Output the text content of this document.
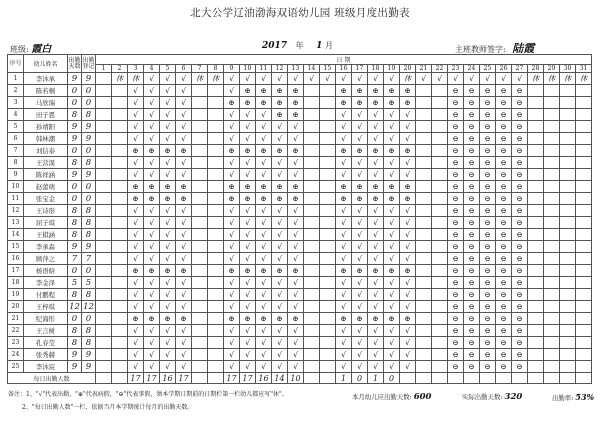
北大公学辽油渤海双语幼儿园 班级月度出勤表
班级: 霞白	2017 年 1 月	主班教师签字: 陆霞
序号	幼儿姓名	出勤天数	出勤登记	日 期																														
				1	2	3	4	5	6	7	8	9	10	11	12	13	14	15	16	17	18	19	20	21	22	23	24	25	26	27	28	29	30	31
1	李沐承	9	9		休	休	√	√	√	休	休	√	√	√	√	√	√	√	√	√	√	√	休	√	√	√	√	√	√	√	休	休	休	休
2	陈若桐	0	0			√	√	√	√			√	⊕	⊕	⊕	⊕			⊕	⊕	⊕	⊕	⊕			⊖	⊖	⊖	⊖	⊖				
3	马欣瑞	0	0			√	√	√	√			⊕	⊕	⊕	⊕	⊕			⊕	⊕	⊕	⊕	⊕			⊖	⊖	⊖	⊖	⊖				
4	田子恩	8	8			√	√	√	√			√	√	√	⊕	⊕			√	√	√	√	√			⊖	⊖	⊖	⊖	⊖				
5	孙靖阳	9	9			√	√	√	√			√	√	√	√	√			√	√	√	√	√			⊖	⊖	⊖	⊖	⊖				
6	韩林潮	9	9			√	√	√	√			√	√	√	√	√			√	√	√	√	√			⊖	⊖	⊖	⊖	⊖				
7	刘信泰	0	0			⊕	⊕	⊕	⊕			⊕	⊕	⊕	⊕	⊕			⊕	⊕	⊕	⊕	⊕			⊖	⊖	⊖	⊖	⊖				
8	王营淏	8	8			√	√	√	√			√	√	√	√	√			√	√	√	√	√			⊖	⊖	⊖	⊖	⊖				
9	陈祥涵	9	9			√	√	√	√			√	√	√	√	√			√	√	√	√	√			⊖	⊖	⊖	⊖	⊖				
10	赵蕾萌	0	0			⊕	⊕	⊕	⊕			⊕	⊕	⊕	⊕	⊕			⊕	⊕	⊕	⊕	⊕			⊖	⊖	⊖	⊖	⊖				
11	张宝金	0	0			⊕	⊕	⊕	⊕			⊕	⊕	⊕	⊕	⊕			⊕	⊕	⊕	⊕	⊕			⊖	⊖	⊖	⊖	⊖				
12	王诗形	8	8			√	√	√	√			√	√	√	√	√			√	√	√	√	√			⊖	⊖	⊖	⊖	⊖				
13	屈子琪	8	8			√	√	√	√			√	√	√	√	√			√	√	√	√	√			⊖	⊖	⊖	⊖	⊖				
14	王棋涵	8	8			√	√	√	√			√	√	√	√	√			√	√	√	√	√			⊖	⊖	⊖	⊖	⊖				
15	李承森	9	9			√	√	√	√			√	√	√	√	√			√	√	√	√	√			⊖	⊖	⊖	⊖	⊖				
16	顾萍之	7	7			√	√	√	√			√	√	√	√	√			√	√	√	√	√			⊖	⊖	⊖	⊖	⊖				
17	杨语晗	0	0			⊕	⊕	⊕	⊕			⊕	⊕	⊕	⊕	⊕			⊕	⊕	⊕	⊕	⊕			⊖	⊖	⊖	⊖	⊖				
18	李金泽	5	5			√	√	√	√			√	√	√	√	√			√	√	√	√	√			⊖	⊖	⊖	⊖	⊖				
19	付鹏程	8	8			√	√	√	√			√	√	√	√	√			√	√	√	√	√			⊖	⊖	⊖	⊖	⊖				
20	王梓琪	12	12			√	√	√	√			√	√	√	√	√			√	√	√	√	√			⊖	⊖	⊖	⊖	⊖				
21	纪海彤	0	0			⊕	⊕	⊕	⊕			⊕	⊕	⊕	⊕	⊕			⊕	⊕	⊕	⊕	⊕			⊖	⊖	⊖	⊖	⊖				
22	王言树	8	8			√	√	√	√			√	√	√	√	√			√	√	√	√	√			⊖	⊖	⊖	⊖	⊖				
23	孔春莹	8	8			√	√	√	√			√	√	√	√	√			√	√	√	√	√			⊖	⊖	⊖	⊖	⊖				
24	张秀赫	9	9			√	√	√	√			√	√	√	√	√			√	√	√	√	√			⊖	⊖	⊖	⊖	⊖				
25	李沐宸	9	9			√	√	√	√			√	√	√	√	√			√	√	√	√	√			⊖	⊖	⊖	⊖	⊖				
每日出勤人数						17	17	16	17			17	17	16	14	10			1	0	1	0												
备注：1、"√"代表出勤，"⊕"代表病假，"⊖"代表事假，须本学期日期前的日期栏第一栏幼儿都应写"休"。
2、"每日出勤人数"一栏，依据当月本学期统计每月的出勤天数。
本月幼儿应出勤天数: 600	实际出勤天数: 320	出勤率: 53%
